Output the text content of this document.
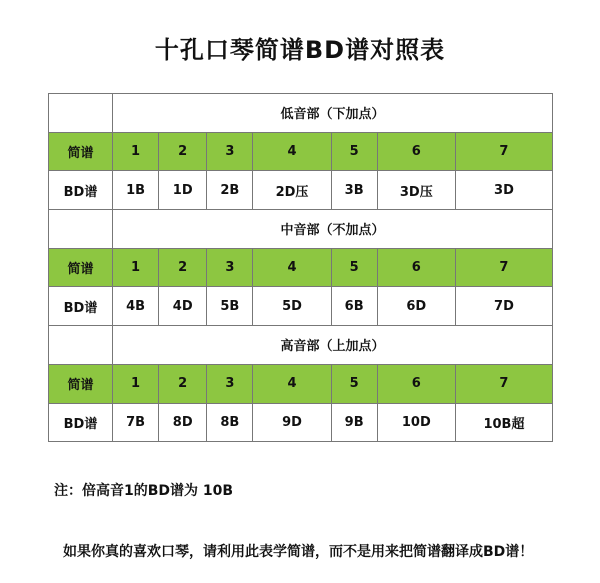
十孔口琴简谱BD谱对照表
	低音部（下加点）						
简谱	1	2	3	4	5	6	7
BD谱	1B	1D	2B	2D压	3B	3D压	3D
	中音部（不加点）						
简谱	1	2	3	4	5	6	7
BD谱	4B	4D	5B	5D	6B	6D	7D
	高音部（上加点）						
简谱	1	2	3	4	5	6	7
BD谱	7B	8D	8B	9D	9B	10D	10B超
注：倍高音1的BD谱为 10B
如果你真的喜欢口琴，请利用此表学简谱，而不是用来把简谱翻译成BD谱！
